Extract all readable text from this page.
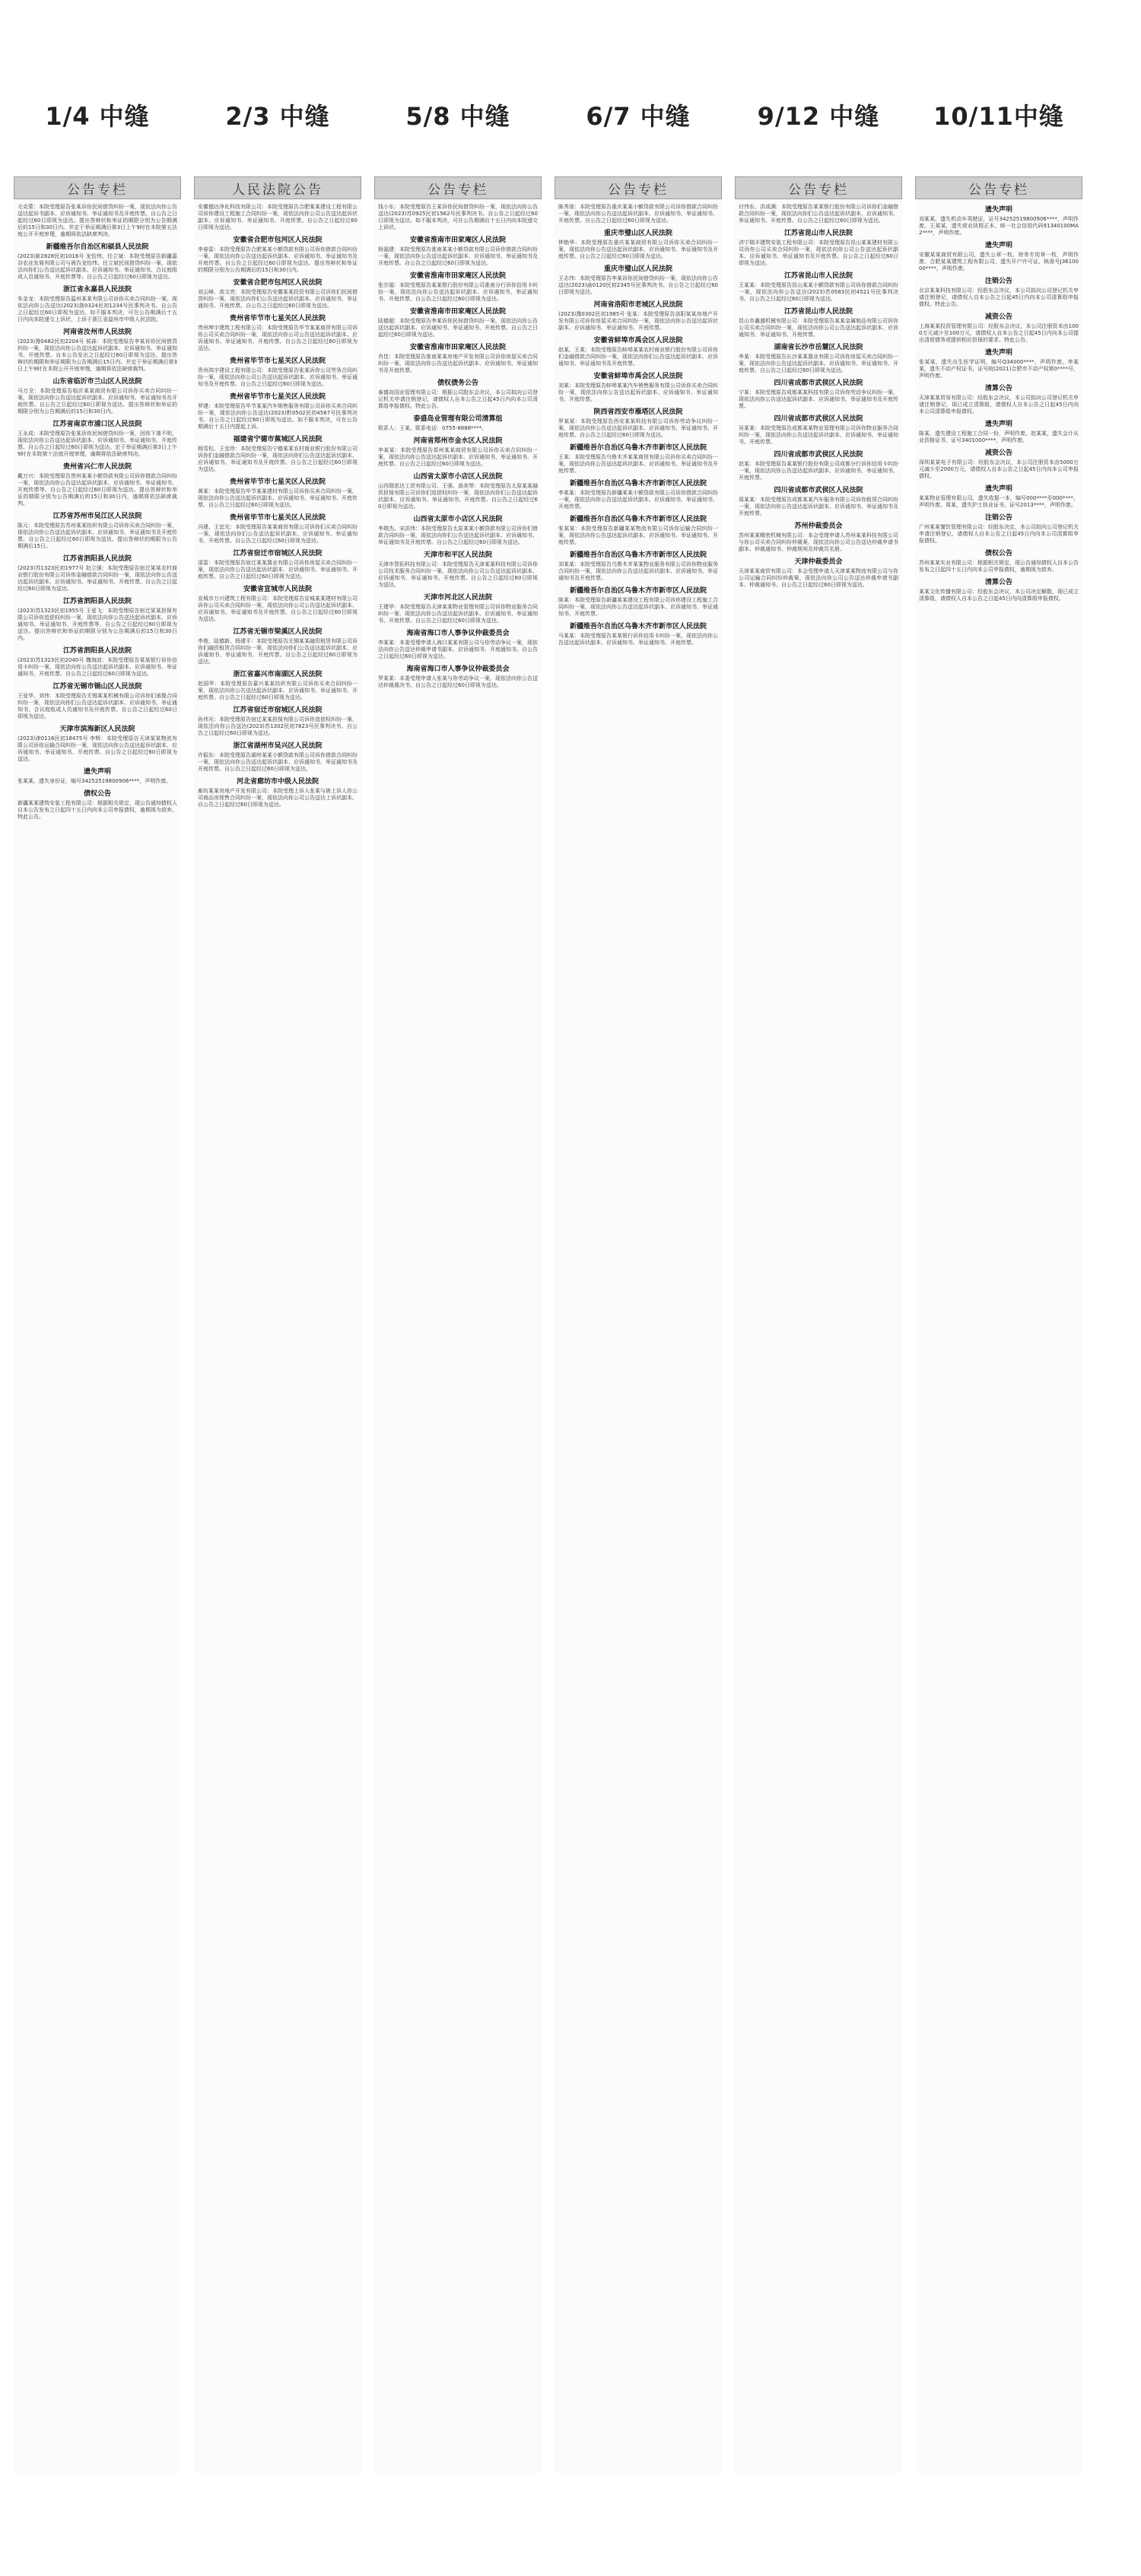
1/4 中缝	2/3 中缝	5/8 中缝	6/7 中缝	9/12 中缝	10/11中缝
公告专栏
毛克蒙：本院受理原告张某诉你民间借贷纠纷一案，现依法向你公告送达起诉书副本、应诉通知书、举证通知书及开庭传票。自公告之日起经过60日即视为送达。提出答辩状和举证的期限分别为公告期满后的15日和30日内。并定于举证期满后第3日上午9时在本院第五法庭公开开庭审理，逾期将依法缺席判决。
新疆维吾尔自治区和硕县人民法院
(2023)新2828民初1016号 龙怡伟、任立斌：本院受理原告新疆嘉谷农业发展有限公司与被告龙怡伟、任立斌民间借贷纠纷一案，现依法向你们公告送达起诉状副本、应诉通知书、举证通知书、合议庭组成人员通知书、开庭传票等。自公告之日起经过60日即视为送达。
浙江省永嘉县人民法院
朱金龙：本院受理原告温州某某有限公司诉你买卖合同纠纷一案，现依法向你公告送达(2023)浙0324民初1234号民事判决书。自公告之日起经过60日即视为送达。如不服本判决，可在公告期满后十五日内向本院递交上诉状，上诉于浙江省温州市中级人民法院。
河南省汝州市人民法院
(2023)豫0482民初2204号 侯森：本院受理原告李某诉你民间借贷纠纷一案，现依法向你公告送达起诉状副本、应诉通知书、举证通知书、开庭传票。自本公告发出之日起经过60日即视为送达。提出答辩状的期限和举证期限为公告期满后15日内。并定于举证期满后第3日上午9时在本院公开开庭审理，逾期将依法缺席裁判。
山东省临沂市兰山区人民法院
马万全：本院受理原告临沂某某商贸有限公司诉你买卖合同纠纷一案，现依法向你公告送达起诉状副本、应诉通知书、举证通知书及开庭传票。自公告之日起经过60日即视为送达。提出答辩状和举证的期限分别为公告期满后的15日和30日内。
江苏省南京市浦口区人民法院
王永成：本院受理原告张某诉你民间借贷纠纷一案，因你下落不明，现依法向你公告送达起诉状副本、应诉通知书、举证通知书、开庭传票。自公告之日起经过60日即视为送达。定于举证期满后第3日上午9时在本院第十法庭开庭审理，逾期将依法缺席判决。
贵州省兴仁市人民法院
戴万兴：本院受理原告贵州某某小额贷款有限公司诉你借款合同纠纷一案，现依法向你公告送达起诉状副本、应诉通知书、举证通知书、开庭传票等。自公告之日起经过60日即视为送达。提出答辩状和举证的期限分别为公告期满后的15日和30日内，逾期将依法缺席裁判。
江苏省苏州市吴江区人民法院
陈元：本院受理原告苏州某某纺织有限公司诉你买卖合同纠纷一案，现依法向你公告送达起诉状副本、应诉通知书、举证通知书及开庭传票。自公告之日起经过60日即视为送达。提出答辩状的期限为公告期满后15日。
江苏省泗阳县人民法院
(2023)苏1323民初1977号 赵立强：本院受理原告宿迁某某农村商业银行股份有限公司诉你金融借款合同纠纷一案，现依法向你公告送达起诉状副本、应诉通知书、举证通知书、开庭传票。自公告之日起经过60日即视为送达。
江苏省泗阳县人民法院
(2023)苏1323民初1955号 王爱飞：本院受理原告宿迁某某担保有限公司诉你追偿权纠纷一案，现依法向你公告送达起诉状副本、应诉通知书、举证通知书、开庭传票等。自公告之日起经过60日即视为送达。提出答辩状和举证的期限分别为公告期满后的15日和30日内。
江苏省泗阳县人民法院
(2023)苏1323民初2040号 魏海波：本院受理原告某某银行诉你信用卡纠纷一案，现依法向你公告送达起诉状副本、应诉通知书、举证通知书、开庭传票。自公告之日起经过60日即视为送达。
江苏省无锡市锡山区人民法院
王爱华、刘伟：本院受理原告无锡某某机械有限公司诉你们承揽合同纠纷一案，现依法向你们公告送达起诉状副本、应诉通知书、举证通知书、合议庭组成人员通知书及开庭传票。自公告之日起经过60日即视为送达。
天津市滨海新区人民法院
(2023)津0116民初18475号 李辉：本院受理原告天津某某物流有限公司诉你运输合同纠纷一案，现依法向你公告送达起诉状副本、应诉通知书、举证通知书、开庭传票。自公告之日起经过60日即视为送达。
遗失声明
张某某，遗失身份证，编号34252519800906****，声明作废。
债权公告
新疆某某建筑安装工程有限公司：根据相关规定，现公告通知债权人自本公告发布之日起四十五日内向本公司申报债权，逾期视为放弃。特此公告。
人民法院公告
安徽德达净化科技有限公司：本院受理原告合肥某某建设工程有限公司诉你建设工程施工合同纠纷一案，现依法向你公司公告送达起诉状副本、应诉通知书、举证通知书、开庭传票。自公告之日起经过60日即视为送达。
安徽省合肥市包河区人民法院
李春雷：本院受理原告合肥某某小额贷款有限公司诉你借款合同纠纷一案，现依法向你公告送达起诉状副本、应诉通知书、举证通知书及开庭传票。自公告之日起经过60日即视为送达。提出答辩状和举证的期限分别为公告期满后的15日和30日内。
安徽省合肥市包河区人民法院
刘云峰、高文亮：本院受理原告安徽某某投资有限公司诉你们民间借贷纠纷一案，现依法向你们公告送达起诉状副本、应诉通知书、举证通知书、开庭传票。自公告之日起经过60日即视为送达。
贵州省毕节市七星关区人民法院
贵州坤宇建筑工程有限公司：本院受理原告毕节某某商贸有限公司诉你公司买卖合同纠纷一案，现依法向你公司公告送达起诉状副本、应诉通知书、举证通知书、开庭传票。自公告之日起经过60日即视为送达。
贵州省毕节市七星关区人民法院
贵州鸿宇建设工程有限公司：本院受理原告张某诉你公司劳务合同纠纷一案，现依法向你公司公告送达起诉状副本、应诉通知书、举证通知书及开庭传票。自公告之日起经过60日即视为送达。
贵州省毕节市七星关区人民法院
罗建：本院受理原告毕节某某汽车销售服务有限公司诉你买卖合同纠纷一案，现依法向你公告送达(2023)黔0502民初4567号民事判决书。自公告之日起经过60日即视为送达。如不服本判决，可在公告期满后十五日内提起上诉。
福建省宁德市蕉城区人民法院
杨雪松、王宜珍：本院受理原告宁德某某农村商业银行股份有限公司诉你们金融借款合同纠纷一案，现依法向你们公告送达起诉状副本、应诉通知书、举证通知书及开庭传票。自公告之日起经过60日即视为送达。
贵州省毕节市七星关区人民法院
黄某：本院受理原告毕节某某建材有限公司诉你买卖合同纠纷一案，现依法向你公告送达起诉状副本、应诉通知书、举证通知书、开庭传票。自公告之日起经过60日即视为送达。
贵州省毕节市七星关区人民法院
冯建、王宜光：本院受理原告某某商贸有限公司诉你们买卖合同纠纷一案，现依法向你们公告送达起诉状副本、应诉通知书、举证通知书、开庭传票。自公告之日起经过60日即视为送达。
江苏省宿迁市宿城区人民法院
邵雷：本院受理原告宿迁某某置业有限公司诉你房屋买卖合同纠纷一案，现依法向你公告送达起诉状副本、应诉通知书、举证通知书、开庭传票。自公告之日起经过60日即视为送达。
安徽省宣城市人民法院
宣城市万兴建筑工程有限公司：本院受理原告宣城某某建材有限公司诉你公司买卖合同纠纷一案，现依法向你公司公告送达起诉状副本、应诉通知书、举证通知书及开庭传票。自公告之日起经过60日即视为送达。
江苏省无锡市梁溪区人民法院
李俊、陆德新、杨建平：本院受理原告无锡某某融资租赁有限公司诉你们融资租赁合同纠纷一案，现依法向你们公告送达起诉状副本、应诉通知书、举证通知书、开庭传票。自公告之日起经过60日即视为送达。
浙江省嘉兴市南湖区人民法院
赵国华：本院受理原告嘉兴某某纺织有限公司诉你买卖合同纠纷一案，现依法向你公告送达起诉状副本、应诉通知书、举证通知书、开庭传票。自公告之日起经过60日即视为送达。
江苏省宿迁市宿城区人民法院
孙伟光：本院受理原告宿迁某某担保有限公司诉你追偿权纠纷一案，现依法向你公告送达(2023)苏1302民初7823号民事判决书。自公告之日起经过60日即视为送达。
浙江省湖州市吴兴区人民法院
许振东：本院受理原告湖州某某小额贷款有限公司诉你借款合同纠纷一案，现依法向你公告送达起诉状副本、应诉通知书、举证通知书及开庭传票。自公告之日起经过60日即视为送达。
河北省廊坊市中级人民法院
廊坊某某房地产开发有限公司：本院受理上诉人张某与被上诉人你公司商品房预售合同纠纷一案，现依法向你公司公告送达上诉状副本。自公告之日起经过60日即视为送达。
公告专栏
钱小东：本院受理原告王某诉你民间借贷纠纷一案，现依法向你公告送达(2023)苏0925民初1562号民事判决书。自公告之日起经过60日即视为送达。如不服本判决，可在公告期满后十五日内向本院递交上诉状。
安徽省淮南市田家庵区人民法院
杨福建：本院受理原告淮南某某小额贷款有限公司诉你借款合同纠纷一案，现依法向你公告送达起诉状副本、应诉通知书、举证通知书及开庭传票。自公告之日起经过60日即视为送达。
安徽省淮南市田家庵区人民法院
张宗福：本院受理原告某某银行股份有限公司淮南分行诉你信用卡纠纷一案，现依法向你公告送达起诉状副本、应诉通知书、举证通知书、开庭传票。自公告之日起经过60日即视为送达。
安徽省淮南市田家庵区人民法院
陆德超：本院受理原告李某诉你民间借贷纠纷一案，现依法向你公告送达起诉状副本、应诉通知书、举证通知书、开庭传票。自公告之日起经过60日即视为送达。
安徽省淮南市田家庵区人民法院
肖佳：本院受理原告淮南某某房地产开发有限公司诉你房屋买卖合同纠纷一案，现依法向你公告送达起诉状副本、应诉通知书、举证通知书及开庭传票。
债权债务公告
泰盛岛国业管理有限公司：根据公司股东会决议，本公司拟向公司登记机关申请注销登记，请债权人自本公告之日起45日内向本公司清算组申报债权。特此公告。
泰盛岛业管理有限公司清算组
联系人：王某，联系电话：0755-8888****。
河南省郑州市金水区人民法院
李某某：本院受理原告郑州某某商贸有限公司诉你买卖合同纠纷一案，现依法向你公告送达起诉状副本、应诉通知书、举证通知书、开庭传票。自公告之日起经过60日即视为送达。
山西省太原市小店区人民法院
山西瑞思达工贸有限公司、王强、高美琴：本院受理原告太原某某融资担保有限公司诉你们追偿权纠纷一案，现依法向你们公告送达起诉状副本、应诉通知书、举证通知书、开庭传票。自公告之日起经过60日即视为送达。
山西省太原市小店区人民法院
李瑞杰、宋洪伟：本院受理原告太原某某小额贷款有限公司诉你们借款合同纠纷一案，现依法向你们公告送达起诉状副本、应诉通知书、举证通知书及开庭传票。自公告之日起经过60日即视为送达。
天津市和平区人民法院
天津市智拓科技有限公司：本院受理原告天津某某科技有限公司诉你公司技术服务合同纠纷一案，现依法向你公司公告送达起诉状副本、应诉通知书、举证通知书、开庭传票。自公告之日起经过60日即视为送达。
天津市河北区人民法院
王建华：本院受理原告天津某某物业管理有限公司诉你物业服务合同纠纷一案，现依法向你公告送达起诉状副本、应诉通知书、举证通知书、开庭传票。自公告之日起经过60日即视为送达。
海南省海口市人事争议仲裁委员会
李某某：本委受理申请人海口某某有限公司与你劳动争议一案，现依法向你公告送达仲裁申请书副本、应诉通知书、开庭通知书。自公告之日起经过60日即视为送达。
海南省海口市人事争议仲裁委员会
罗某某：本委受理申请人张某与你劳动争议一案，现依法向你公告送达仲裁裁决书。自公告之日起经过60日即视为送达。
公告专栏
陈秀琼：本院受理原告重庆某某小额贷款有限公司诉你借款合同纠纷一案，现依法向你公告送达起诉状副本、应诉通知书、举证通知书、开庭传票。自公告之日起经过60日即视为送达。
重庆市璧山区人民法院
钟艳华：本院受理原告重庆某某商贸有限公司诉你买卖合同纠纷一案，现依法向你公告送达起诉状副本、应诉通知书、举证通知书及开庭传票。自公告之日起经过60日即视为送达。
重庆市璧山区人民法院
王志伟：本院受理原告李某诉你民间借贷纠纷一案，现依法向你公告送达(2023)渝0120民初2345号民事判决书。自公告之日起经过60日即视为送达。
河南省洛阳市老城区人民法院
(2023)豫0302民初1985号 张某：本院受理原告洛阳某某房地产开发有限公司诉你房屋买卖合同纠纷一案，现依法向你公告送达起诉状副本、应诉通知书、举证通知书、开庭传票。
安徽省蚌埠市禹会区人民法院
赵某、王某：本院受理原告蚌埠某某农村商业银行股份有限公司诉你们金融借款合同纠纷一案，现依法向你们公告送达起诉状副本、应诉通知书、举证通知书及开庭传票。
安徽省蚌埠市禹会区人民法院
刘某：本院受理原告蚌埠某某汽车销售服务有限公司诉你买卖合同纠纷一案，现依法向你公告送达起诉状副本、应诉通知书、举证通知书、开庭传票。
陕西省西安市雁塔区人民法院
罗某某：本院受理原告西安某某科技有限公司诉你劳动争议纠纷一案，现依法向你公告送达起诉状副本、应诉通知书、举证通知书、开庭传票。自公告之日起经过60日即视为送达。
新疆维吾尔自治区乌鲁木齐市新市区人民法院
王某：本院受理原告乌鲁木齐某某商贸有限公司诉你买卖合同纠纷一案，现依法向你公告送达起诉状副本、应诉通知书、举证通知书及开庭传票。
新疆维吾尔自治区乌鲁木齐市新市区人民法院
李某某：本院受理原告新疆某某小额贷款有限公司诉你借款合同纠纷一案，现依法向你公告送达起诉状副本、应诉通知书、举证通知书、开庭传票。
新疆维吾尔自治区乌鲁木齐市新市区人民法院
张某某：本院受理原告新疆某某物流有限公司诉你运输合同纠纷一案，现依法向你公告送达起诉状副本、应诉通知书、举证通知书、开庭传票。
新疆维吾尔自治区乌鲁木齐市新市区人民法院
刘某某：本院受理原告乌鲁木齐某某物业服务有限公司诉你物业服务合同纠纷一案，现依法向你公告送达起诉状副本、应诉通知书、举证通知书及开庭传票。
新疆维吾尔自治区乌鲁木齐市新市区人民法院
陈某：本院受理原告新疆某某建设工程有限公司诉你建设工程施工合同纠纷一案，现依法向你公告送达起诉状副本、应诉通知书、举证通知书、开庭传票。
新疆维吾尔自治区乌鲁木齐市新市区人民法院
马某某：本院受理原告某某银行诉你信用卡纠纷一案，现依法向你公告送达起诉状副本、应诉通知书、举证通知书、开庭传票。
公告专栏
付伟东、洪成满：本院受理原告某某银行股份有限公司诉你们金融借款合同纠纷一案，现依法向你们公告送达起诉状副本、应诉通知书、举证通知书、开庭传票。自公告之日起经过60日即视为送达。
江苏省昆山市人民法院
济宁瑞丰建筑安装工程有限公司：本院受理原告昆山某某建材有限公司诉你公司买卖合同纠纷一案，现依法向你公司公告送达起诉状副本、应诉通知书、举证通知书及开庭传票。自公告之日起经过60日即视为送达。
江苏省昆山市人民法院
王某某：本院受理原告昆山某某小额贷款有限公司诉你借款合同纠纷一案，现依法向你公告送达(2023)苏0583民初4521号民事判决书。自公告之日起经过60日即视为送达。
江苏省昆山市人民法院
昆山市鑫盛机械有限公司：本院受理原告某某金属制品有限公司诉你公司买卖合同纠纷一案，现依法向你公司公告送达起诉状副本、应诉通知书、举证通知书、开庭传票。
湖南省长沙市岳麓区人民法院
李某：本院受理原告长沙某某置业有限公司诉你房屋买卖合同纠纷一案，现依法向你公告送达起诉状副本、应诉通知书、举证通知书、开庭传票。自公告之日起经过60日即视为送达。
四川省成都市武侯区人民法院
宁某：本院受理原告成都某某科技有限公司诉你劳动争议纠纷一案，现依法向你公告送达起诉状副本、应诉通知书、举证通知书及开庭传票。
四川省成都市武侯区人民法院
吴某某：本院受理原告成都某某物业管理有限公司诉你物业服务合同纠纷一案，现依法向你公告送达起诉状副本、应诉通知书、举证通知书、开庭传票。
四川省成都市武侯区人民法院
赵某：本院受理原告某某银行股份有限公司成都分行诉你信用卡纠纷一案，现依法向你公告送达起诉状副本、应诉通知书、举证通知书、开庭传票。
四川省成都市武侯区人民法院
周某某：本院受理原告成都某某汽车服务有限公司诉你租赁合同纠纷一案，现依法向你公告送达起诉状副本、应诉通知书、举证通知书及开庭传票。
苏州仲裁委员会
苏州某某精密机械有限公司：本会受理申请人苏州某某科技有限公司与你公司买卖合同纠纷仲裁案，现依法向你公司公告送达仲裁申请书副本、仲裁通知书、仲裁规则及仲裁员名册。
天津仲裁委员会
天津某某商贸有限公司：本会受理申请人天津某某物流有限公司与你公司运输合同纠纷仲裁案，现依法向你公司公告送达仲裁申请书副本、仲裁通知书。自公告之日起经过60日即视为送达。
公告专栏
遗失声明
刘某某，遗失机动车驾驶证，证号34252519800906****，声明作废。王某某，遗失营业执照正本，统一社会信用代码91340100MA2****，声明作废。
遗失声明
安徽某某商贸有限公司，遗失公章一枚、财务专用章一枚，声明作废。合肥某某建筑工程有限公司，遗失开户许可证，核准号J3610000****，声明作废。
注销公告
北京某某科技有限公司：经股东会决议，本公司拟向公司登记机关申请注销登记，请债权人自本公告之日起45日内向本公司清算组申报债权。特此公告。
减资公告
上海某某投资管理有限公司：经股东会决议，本公司注册资本由1000万元减少至100万元，请债权人自本公告之日起45日内向本公司提出清偿债务或提供相应担保的要求。特此公告。
遗失声明
张某某，遗失出生医学证明，编号Q34000****，声明作废。李某某，遗失不动产权证书，证号皖(2021)合肥市不动产权第0****号，声明作废。
清算公告
天津某某贸易有限公司：经股东会决议，本公司拟向公司登记机关申请注销登记，现已成立清算组，请债权人自本公告之日起45日内向本公司清算组申报债权。
遗失声明
陈某，遗失建设工程施工合同一份，声明作废。赵某某，遗失会计从业资格证书，证号3401000****，声明作废。
减资公告
深圳某某电子有限公司：经股东会决议，本公司注册资本由5000万元减少至2000万元，请债权人自本公告之日起45日内向本公司申报债权。
遗失声明
某某物业管理有限公司，遗失收据一本，编号000****至000****，声明作废。周某，遗失护士执业证书，证号2013****，声明作废。
注销公告
广州某某餐饮管理有限公司：经股东决定，本公司拟向公司登记机关申请注销登记，请债权人自本公告之日起45日内向本公司清算组申报债权。
债权公告
苏州某某实业有限公司：根据相关规定，现公告通知债权人自本公告发布之日起四十五日内向本公司申报债权，逾期视为放弃。
清算公告
某某文化传播有限公司：经股东会决议，本公司决定解散，现已成立清算组，请债权人自本公告之日起45日内向清算组申报债权。
